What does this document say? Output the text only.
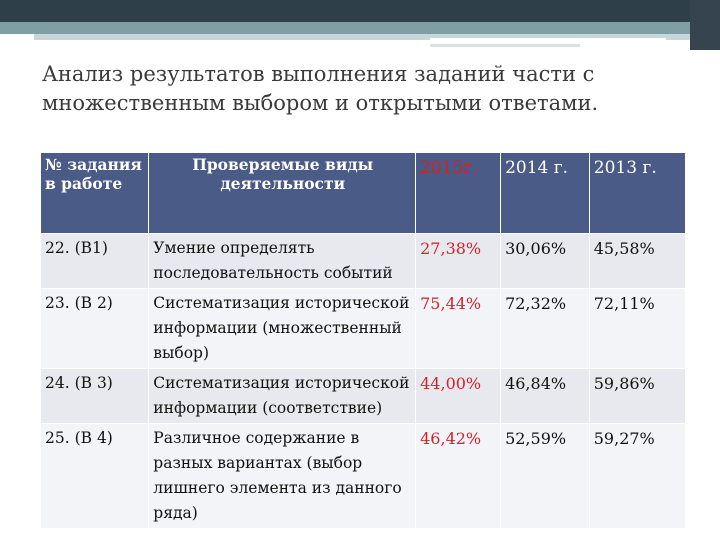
Анализ результатов выполнения заданий части с множественным выбором и открытыми ответами.
№ задания в работе	Проверяемые виды деятельности	2015г.	2014 г.	2013 г.
22. (В1)	Умение определять последовательность событий	27,38%	30,06%	45,58%
23. (В 2)	Систематизация исторической информации (множественный выбор)	75,44%	72,32%	72,11%
24. (В 3)	Систематизация исторической информации (соответствие)	44,00%	46,84%	59,86%
25. (В 4)	Различное содержание в разных вариантах (выбор лишнего элемента из данного ряда)	46,42%	52,59%	59,27%
